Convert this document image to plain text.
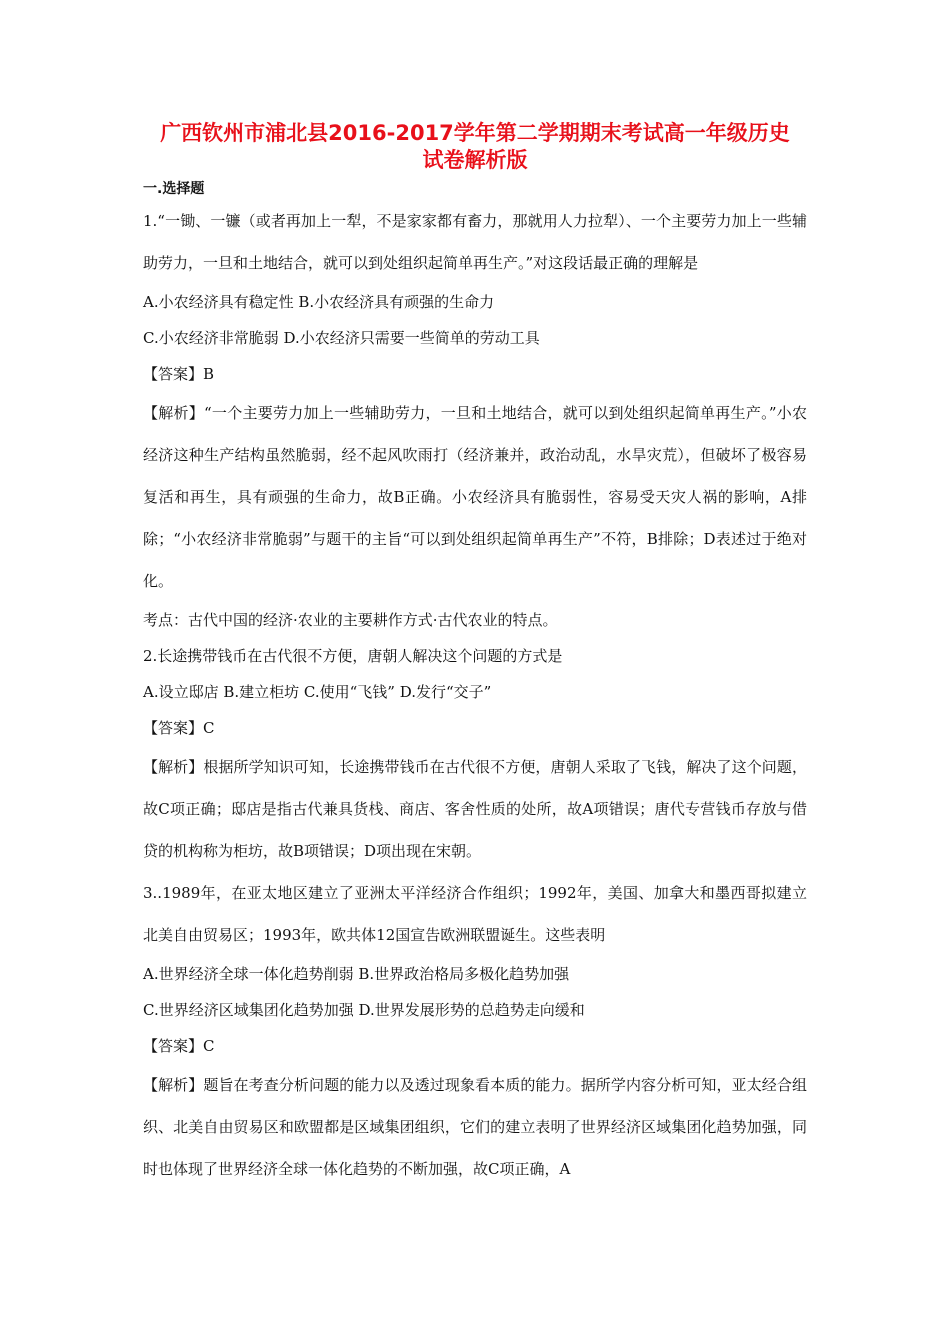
广西钦州市浦北县2016-2017学年第二学期期末考试高一年级历史
试卷解析版

一.选择题

1.“一锄、一镰（或者再加上一犁，不是家家都有畜力，那就用人力拉犁）、一个主要劳力加上一些辅助劳力，一旦和土地结合，就可以到处组织起简单再生产。”对这段话最正确的理解是

A.小农经济具有稳定性 B.小农经济具有顽强的生命力

C.小农经济非常脆弱 D.小农经济只需要一些简单的劳动工具

【答案】B

【解析】“一个主要劳力加上一些辅助劳力，一旦和土地结合，就可以到处组织起简单再生产。”小农经济这种生产结构虽然脆弱，经不起风吹雨打（经济兼并，政治动乱，水旱灾荒），但破坏了极容易复活和再生，具有顽强的生命力，故B正确。小农经济具有脆弱性，容易受天灾人祸的影响，A排除；“小农经济非常脆弱”与题干的主旨“可以到处组织起简单再生产”不符，B排除；D表述过于绝对化。

考点：古代中国的经济·农业的主要耕作方式·古代农业的特点。

2.长途携带钱币在古代很不方便，唐朝人解决这个问题的方式是

A.设立邸店 B.建立柜坊 C.使用“飞钱” D.发行“交子”

【答案】C

【解析】根据所学知识可知，长途携带钱币在古代很不方便，唐朝人采取了飞钱，解决了这个问题，故C项正确；邸店是指古代兼具货栈、商店、客舍性质的处所，故A项错误；唐代专营钱币存放与借贷的机构称为柜坊，故B项错误；D项出现在宋朝。

3..1989年，在亚太地区建立了亚洲太平洋经济合作组织；1992年，美国、加拿大和墨西哥拟建立北美自由贸易区；1993年，欧共体12国宣告欧洲联盟诞生。这些表明

A.世界经济全球一体化趋势削弱 B.世界政治格局多极化趋势加强

C.世界经济区域集团化趋势加强 D.世界发展形势的总趋势走向缓和

【答案】C

【解析】题旨在考查分析问题的能力以及透过现象看本质的能力。据所学内容分析可知，亚太经合组织、北美自由贸易区和欧盟都是区域集团组织，它们的建立表明了世界经济区域集团化趋势加强，同时也体现了世界经济全球一体化趋势的不断加强，故C项正确，A
